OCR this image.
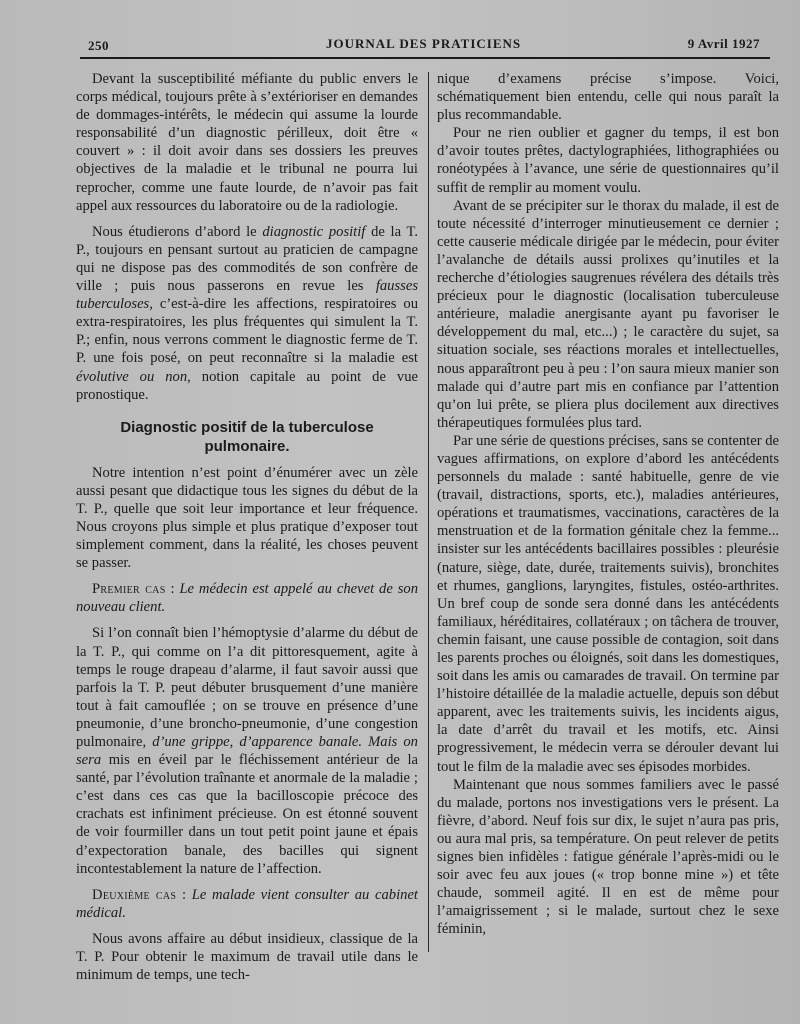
250	JOURNAL DES PRATICIENS	9 Avril 1927

Devant la susceptibilité méfiante du public envers le corps médical, toujours prête à s’extérioriser en demandes de dommages-intérêts, le médecin qui assume la lourde responsabilité d’un diagnostic périlleux, doit être « couvert » : il doit avoir dans ses dossiers les preuves objectives de la maladie et le tribunal ne pourra lui reprocher, comme une faute lourde, de n’avoir pas fait appel aux ressources du laboratoire ou de la radiologie.

Nous étudierons d’abord le diagnostic positif de la T. P., toujours en pensant surtout au praticien de campagne qui ne dispose pas des commodités de son confrère de ville ; puis nous passerons en revue les fausses tuberculoses, c’est-à-dire les affections, respiratoires ou extra-respiratoires, les plus fréquentes qui simulent la T. P.; enfin, nous verrons comment le diagnostic ferme de T. P. une fois posé, on peut reconnaître si la maladie est évolutive ou non, notion capitale au point de vue pronostique.

Diagnostic positif de la tuberculose pulmonaire.

Notre intention n’est point d’énumérer avec un zèle aussi pesant que didactique tous les signes du début de la T. P., quelle que soit leur importance et leur fréquence. Nous croyons plus simple et plus pratique d’exposer tout simplement comment, dans la réalité, les choses peuvent se passer.

Premier cas : Le médecin est appelé au chevet de son nouveau client.

Si l’on connaît bien l’hémoptysie d’alarme du début de la T. P., qui comme on l’a dit pittoresquement, agite à temps le rouge drapeau d’alarme, il faut savoir aussi que parfois la T. P. peut débuter brusquement d’une manière tout à fait camouflée ; on se trouve en présence d’une pneumonie, d’une broncho-pneumonie, d’une congestion pulmonaire, d’une grippe, d’apparence banale. Mais on sera mis en éveil par le fléchissement antérieur de la santé, par l’évolution traînante et anormale de la maladie ; c’est dans ces cas que la bacilloscopie précoce des crachats est infiniment précieuse. On est étonné souvent de voir fourmiller dans un tout petit point jaune et épais d’expectoration banale, des bacilles qui signent incontestablement la nature de l’affection.

Deuxième cas : Le malade vient consulter au cabinet médical.

Nous avons affaire au début insidieux, classique de la T. P. Pour obtenir le maximum de travail utile dans le minimum de temps, une tech-

nique d’examens précise s’impose. Voici, schématiquement bien entendu, celle qui nous paraît la plus recommandable.

Pour ne rien oublier et gagner du temps, il est bon d’avoir toutes prêtes, dactylographiées, lithographiées ou ronéotypées à l’avance, une série de questionnaires qu’il suffit de remplir au moment voulu.

Avant de se précipiter sur le thorax du malade, il est de toute nécessité d’interroger minutieusement ce dernier ; cette causerie médicale dirigée par le médecin, pour éviter l’avalanche de détails aussi prolixes qu’inutiles et la recherche d’étiologies saugrenues révélera des détails très précieux pour le diagnostic (localisation tuberculeuse antérieure, maladie anergisante ayant pu favoriser le développement du mal, etc...) ; le caractère du sujet, sa situation sociale, ses réactions morales et intellectuelles, nous apparaîtront peu à peu : l’on saura mieux manier son malade qui d’autre part mis en confiance par l’attention qu’on lui prête, se pliera plus docilement aux directives thérapeutiques formulées plus tard.

Par une série de questions précises, sans se contenter de vagues affirmations, on explore d’abord les antécédents personnels du malade : santé habituelle, genre de vie (travail, distractions, sports, etc.), maladies antérieures, opérations et traumatismes, vaccinations, caractères de la menstruation et de la formation génitale chez la femme... insister sur les antécédents bacillaires possibles : pleurésie (nature, siège, date, durée, traitements suivis), bronchites et rhumes, ganglions, laryngites, fistules, ostéo-arthrites. Un bref coup de sonde sera donné dans les antécédents familiaux, héréditaires, collatéraux ; on tâchera de trouver, chemin faisant, une cause possible de contagion, soit dans les parents proches ou éloignés, soit dans les domestiques, soit dans les amis ou camarades de travail. On termine par l’histoire détaillée de la maladie actuelle, depuis son début apparent, avec les traitements suivis, les incidents aigus, la date d’arrêt du travail et les motifs, etc. Ainsi progressivement, le médecin verra se dérouler devant lui tout le film de la maladie avec ses épisodes morbides.

Maintenant que nous sommes familiers avec le passé du malade, portons nos investigations vers le présent. La fièvre, d’abord. Neuf fois sur dix, le sujet n’aura pas pris, ou aura mal pris, sa température. On peut relever de petits signes bien infidèles : fatigue générale l’après-midi ou le soir avec feu aux joues (« trop bonne mine ») et tête chaude, sommeil agité. Il en est de même pour l’amaigrissement ; si le malade, surtout chez le sexe féminin,
